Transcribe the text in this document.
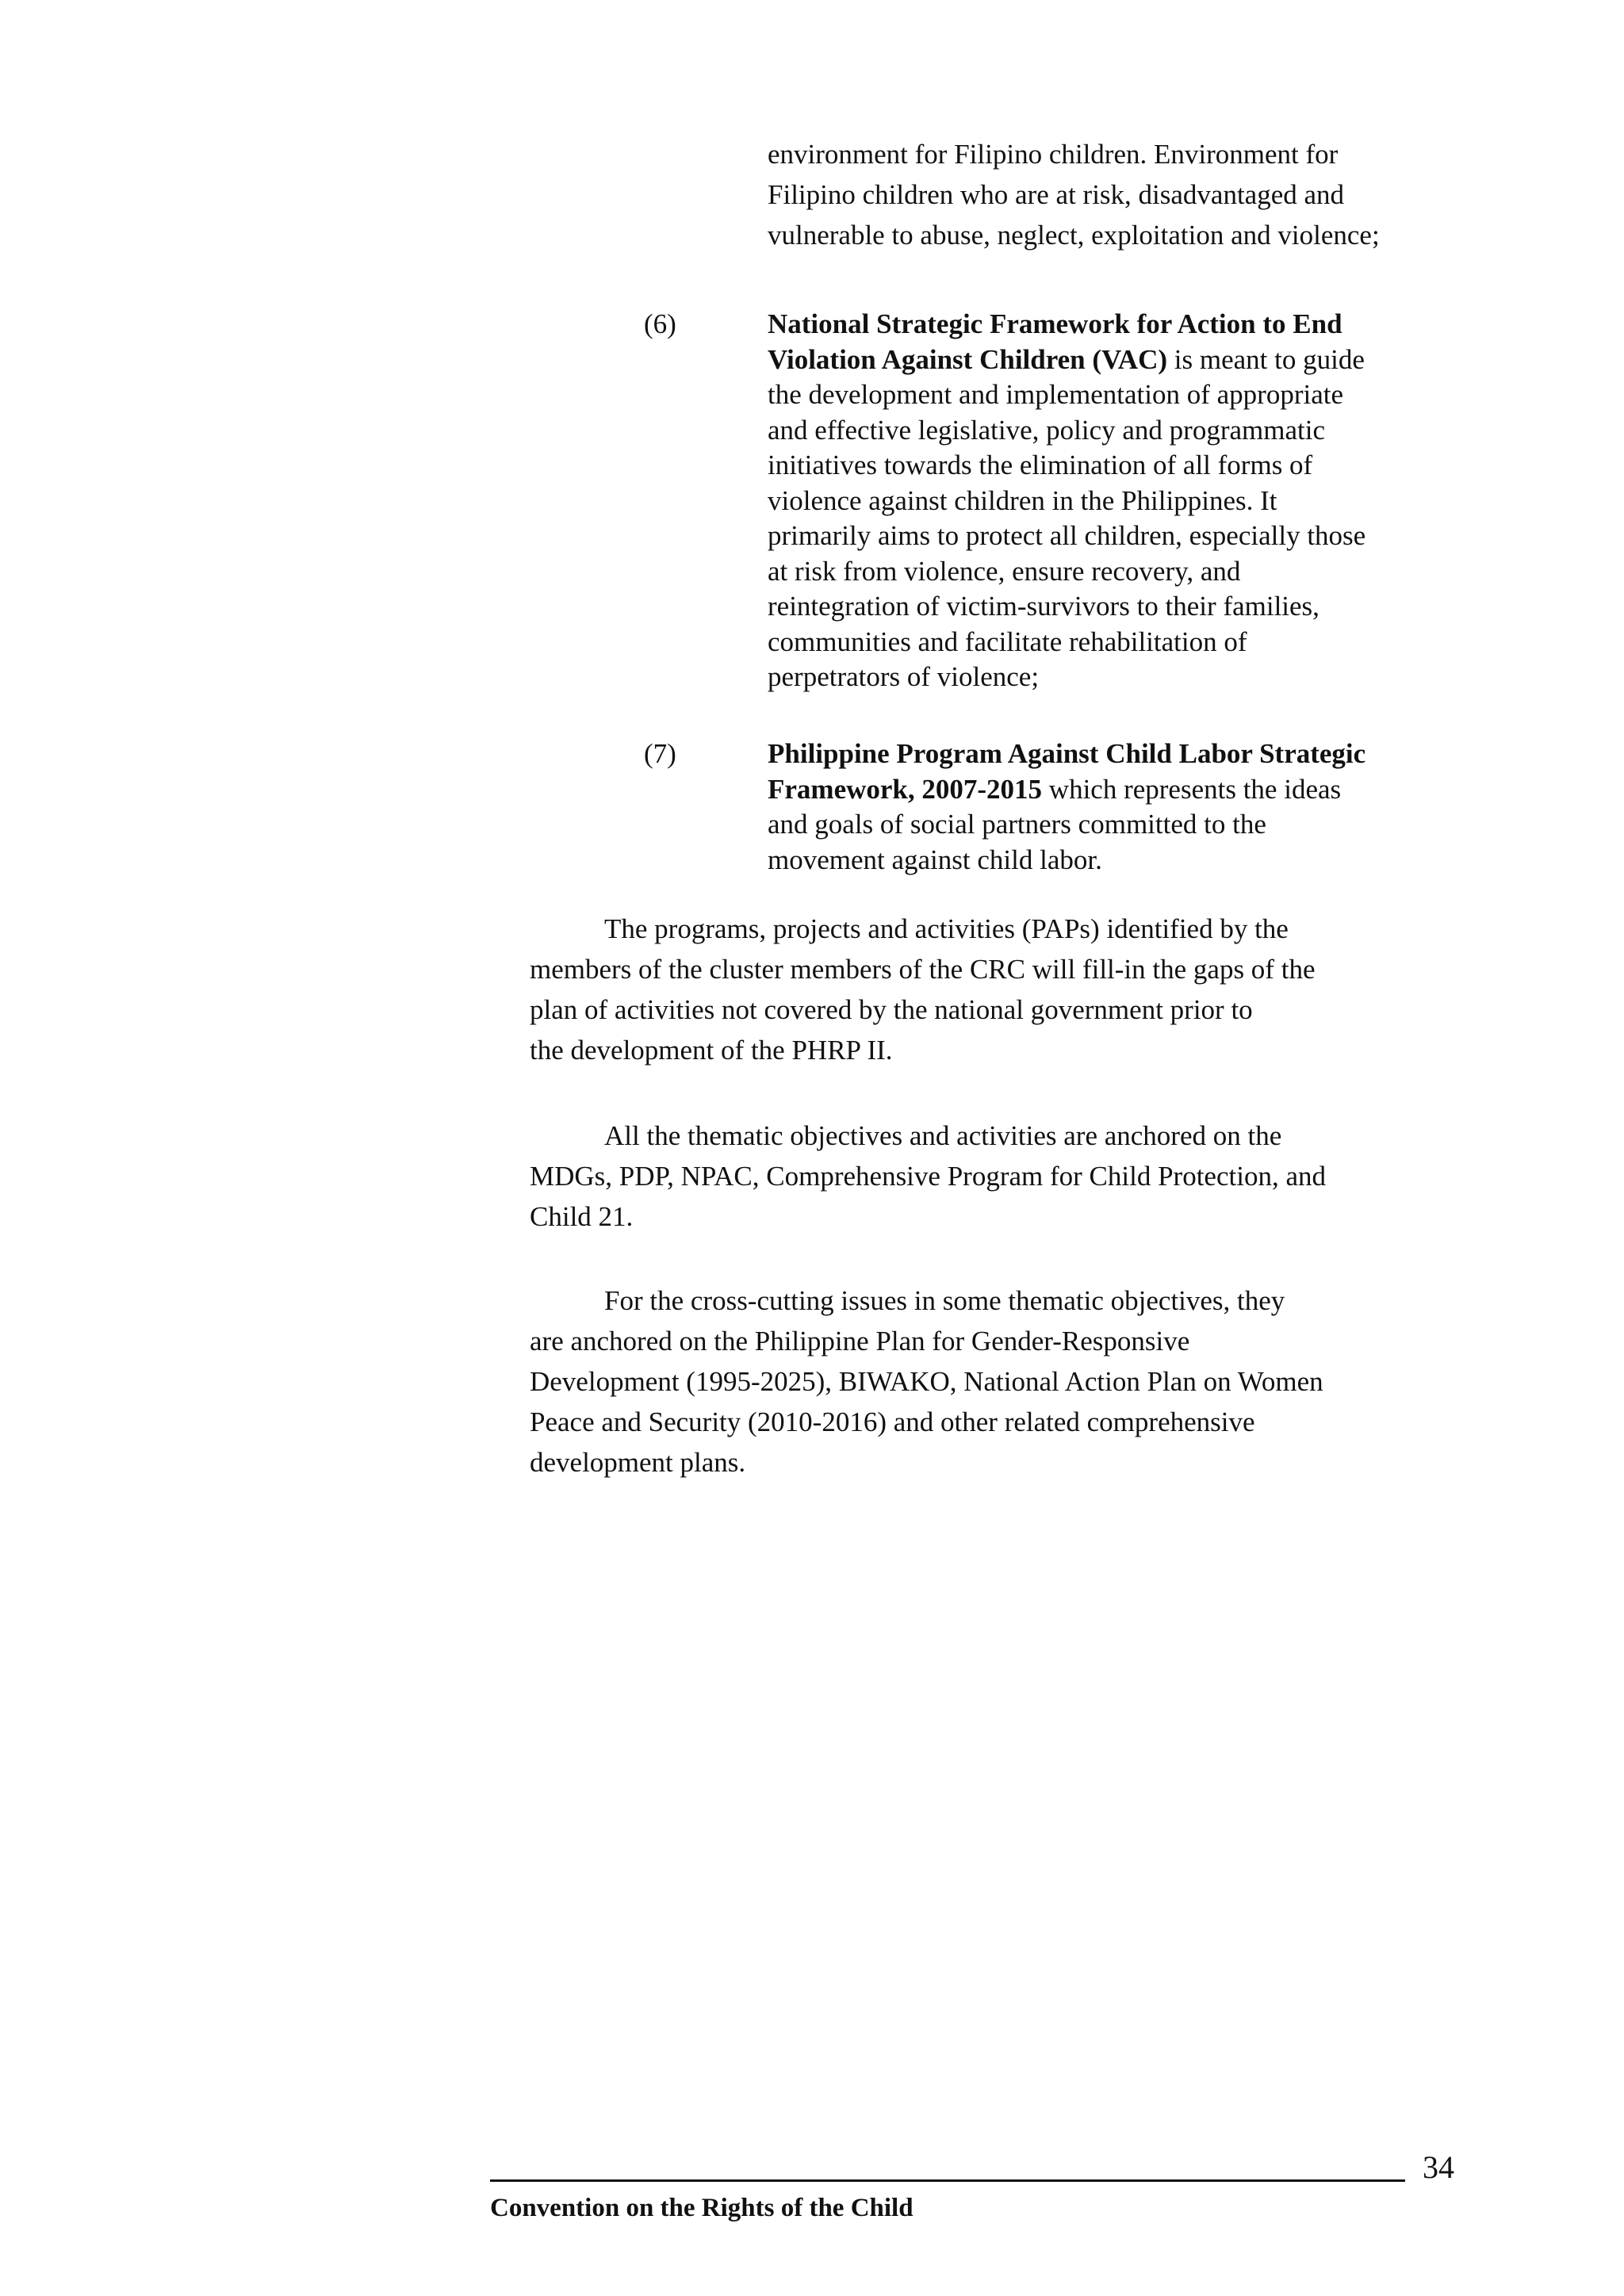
environment for Filipino children. Environment for
Filipino children who are at risk, disadvantaged and
vulnerable to abuse, neglect, exploitation and violence;
(6)	National Strategic Framework for Action to End
Violation Against Children (VAC) is meant to guide
the development and implementation of appropriate
and effective legislative, policy and programmatic
initiatives towards the elimination of all forms of
violence against children in the Philippines. It
primarily aims to protect all children, especially those
at risk from violence, ensure recovery, and
reintegration of victim-survivors to their families,
communities and facilitate rehabilitation of
perpetrators of violence;
(7)	Philippine Program Against Child Labor Strategic
Framework, 2007-2015 which represents the ideas
and goals of social partners committed to the
movement against child labor.
The programs, projects and activities (PAPs) identified by the
members of the cluster members of the CRC will fill-in the gaps of the
plan of activities not covered by the national government prior to
the development of the PHRP II.
All the thematic objectives and activities are anchored on the
MDGs, PDP, NPAC, Comprehensive Program for Child Protection, and
Child 21.
For the cross-cutting issues in some thematic objectives, they
are anchored on the Philippine Plan for Gender-Responsive
Development (1995-2025), BIWAKO, National Action Plan on Women
Peace and Security (2010-2016) and other related comprehensive
development plans.
34
Convention on the Rights of the Child
